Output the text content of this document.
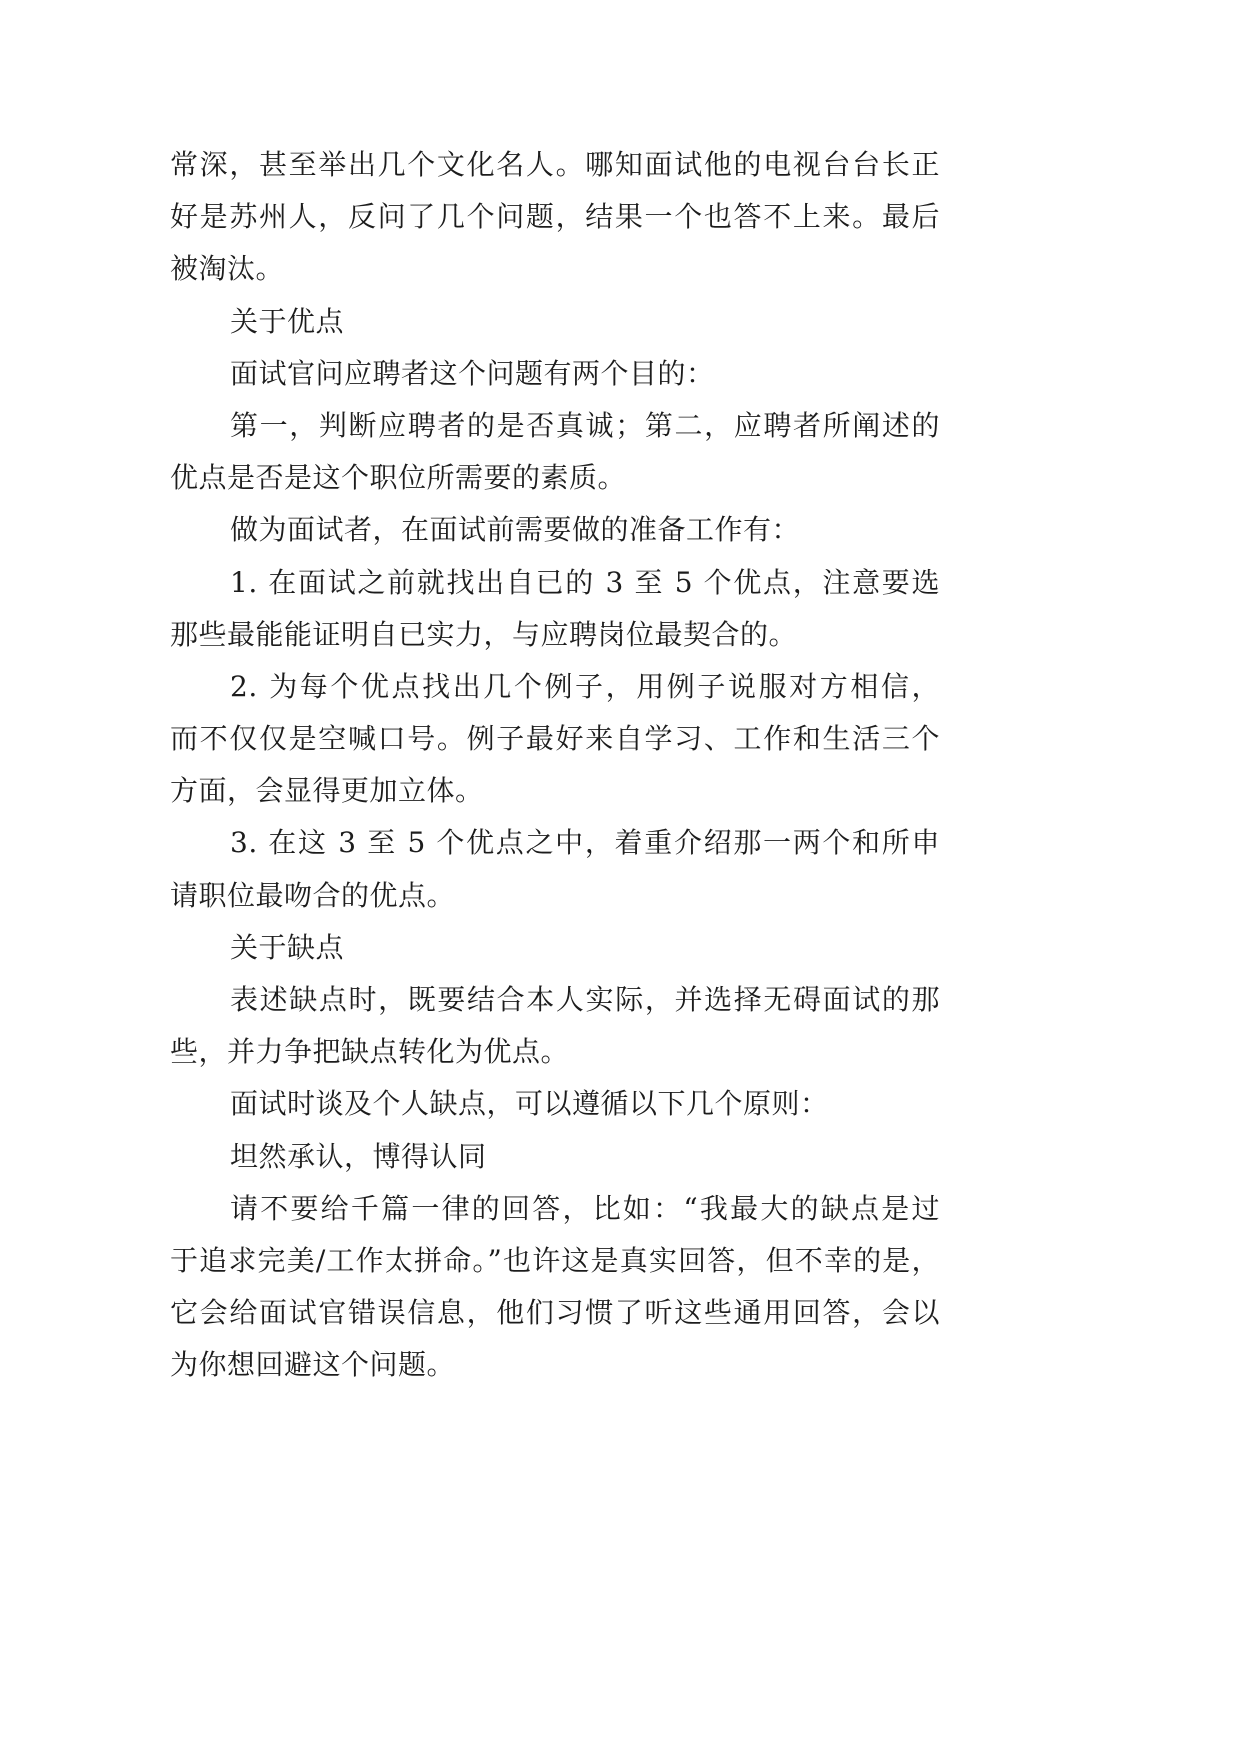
常深，甚至举出几个文化名人。哪知面试他的电视台台长正
好是苏州人，反问了几个问题，结果一个也答不上来。最后
被淘汰。
关于优点
面试官问应聘者这个问题有两个目的：
第一，判断应聘者的是否真诚；第二，应聘者所阐述的
优点是否是这个职位所需要的素质。
做为面试者，在面试前需要做的准备工作有：
1. 在面试之前就找出自已的 3 至 5 个优点，注意要选
那些最能能证明自已实力，与应聘岗位最契合的。
2. 为每个优点找出几个例子，用例子说服对方相信，
而不仅仅是空喊口号。例子最好来自学习、工作和生活三个
方面，会显得更加立体。
3. 在这 3 至 5 个优点之中，着重介绍那一两个和所申
请职位最吻合的优点。
关于缺点
表述缺点时，既要结合本人实际，并选择无碍面试的那
些，并力争把缺点转化为优点。
面试时谈及个人缺点，可以遵循以下几个原则：
坦然承认，博得认同
请不要给千篇一律的回答，比如：“我最大的缺点是过
于追求完美/工作太拼命。”也许这是真实回答，但不幸的是，
它会给面试官错误信息，他们习惯了听这些通用回答，会以
为你想回避这个问题。
